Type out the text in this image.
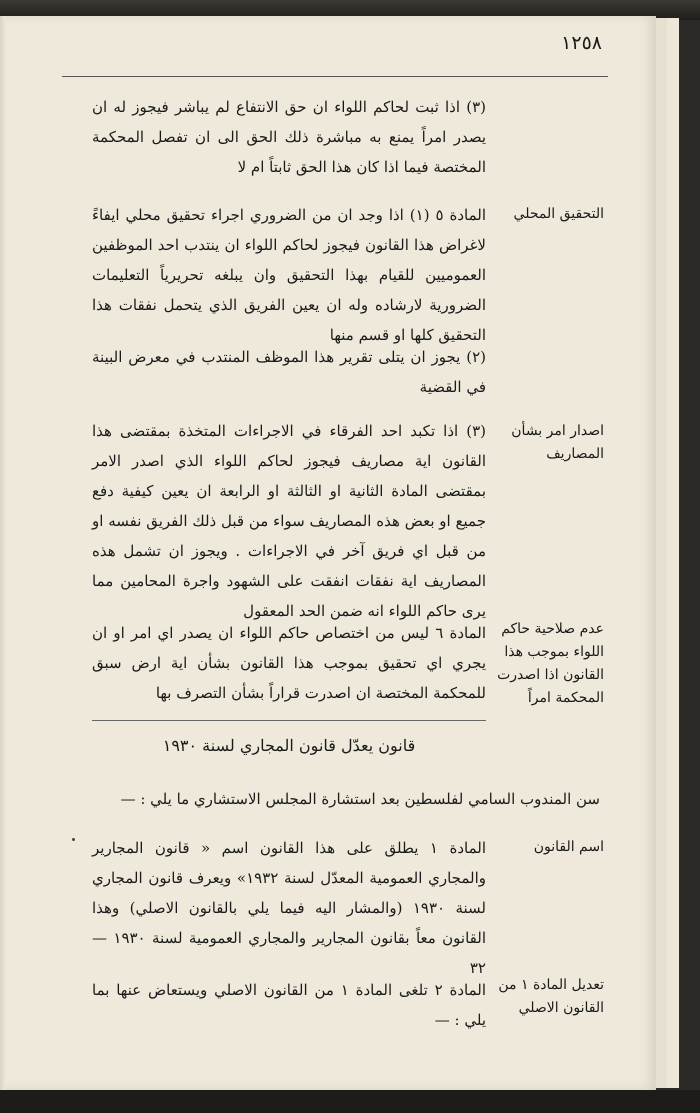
١٢٥٨
(٣) اذا ثبت لحاكم اللواء ان حق الانتفاع لم يباشر فيجوز له ان يصدر امراً يمنع به مباشرة ذلك الحق الى ان تفصل المحكمة المختصة فيما اذا كان هذا الحق ثابتاً ام لا
التحقيق المحلي
المادة ٥ (١) اذا وجد ان من الضروري اجراء تحقيق محلي ايفاءً لاغراض هذا القانون فيجوز لحاكم اللواء ان ينتدب احد الموظفين العموميين للقيام بهذا التحقيق وان يبلغه تحريرياً التعليمات الضرورية لارشاده وله ان يعين الفريق الذي يتحمل نفقات هذا التحقيق كلها او قسم منها
(٢) يجوز ان يتلى تقرير هذا الموظف المنتدب في معرض البينة في القضية
اصدار امر بشأن المصاريف
(٣) اذا تكبد احد الفرقاء في الاجراءات المتخذة بمقتضى هذا القانون اية مصاريف فيجوز لحاكم اللواء الذي اصدر الامر بمقتضى المادة الثانية او الثالثة او الرابعة ان يعين كيفية دفع جميع او بعض هذه المصاريف سواء من قبل ذلك الفريق نفسه او من قبل اي فريق آخر في الاجراءات . ويجوز ان تشمل هذه المصاريف اية نفقات انفقت على الشهود واجرة المحامين مما يرى حاكم اللواء انه ضمن الحد المعقول
عدم صلاحية حاكم اللواء بموجب هذا القانون اذا اصدرت المحكمة امراً
المادة ٦ ليس من اختصاص حاكم اللواء ان يصدر اي امر او ان يجري اي تحقيق بموجب هذا القانون بشأن اية ارض سبق للمحكمة المختصة ان اصدرت قراراً بشأن التصرف بها
قانون يعدّل قانون المجاري لسنة ١٩٣٠
سن المندوب السامي لفلسطين بعد استشارة المجلس الاستشاري ما يلي : —
اسم القانون
المادة ١ يطلق على هذا القانون اسم « قانون المجارير والمجاري العمومية المعدّل لسنة ١٩٣٢» ويعرف قانون المجاري لسنة ١٩٣٠ (والمشار اليه فيما يلي بالقانون الاصلي) وهذا القانون معاً بقانون المجارير والمجاري العمومية لسنة ١٩٣٠ — ٣٢
تعديل المادة ١ من القانون الاصلي
المادة ٢ تلغى المادة ١ من القانون الاصلي ويستعاض عنها بما يلي : —
